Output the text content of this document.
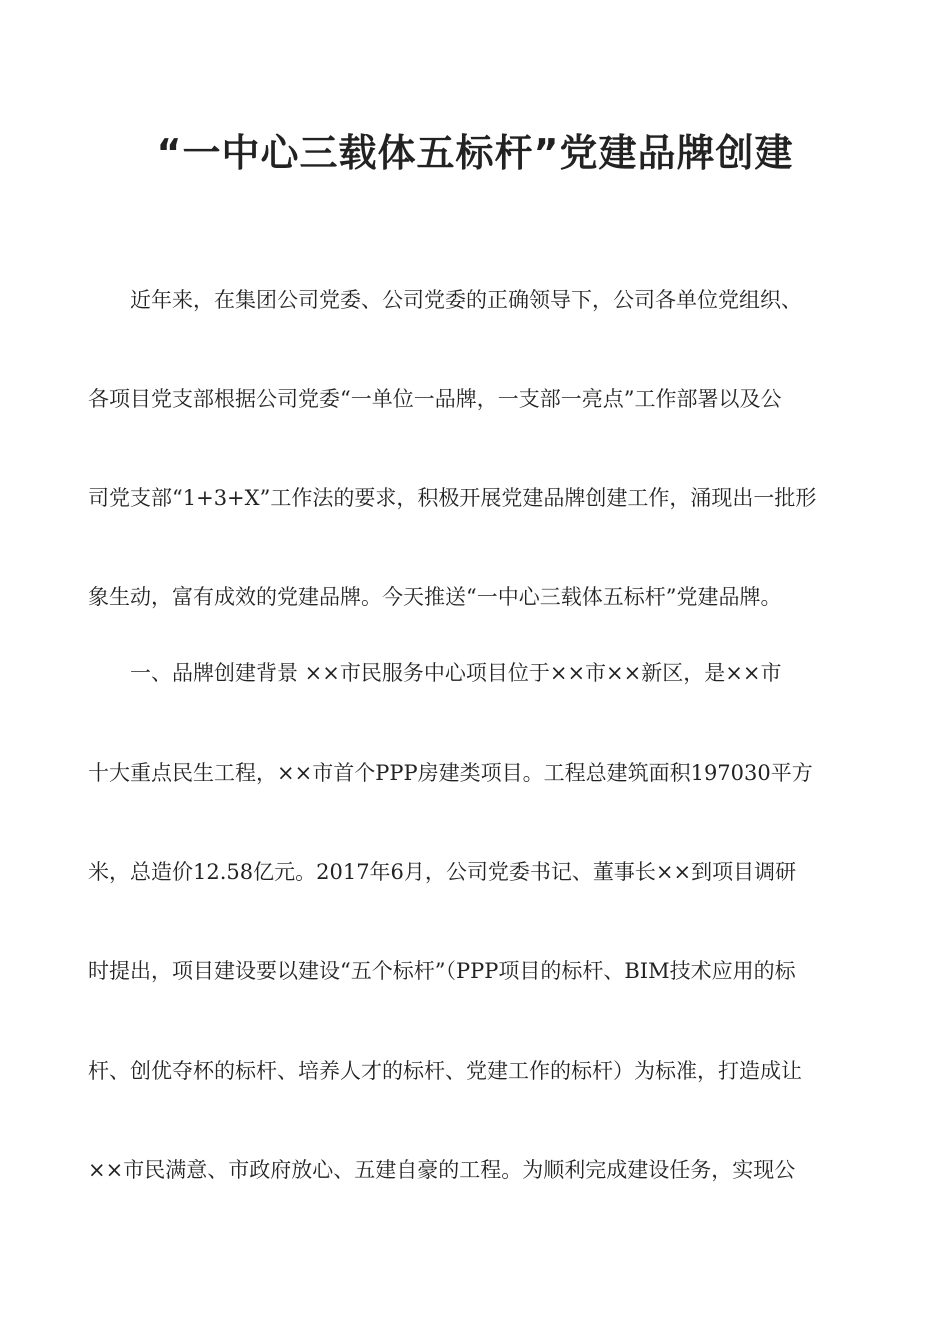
“一中心三载体五标杆”党建品牌创建
近年来，在集团公司党委、公司党委的正确领导下，公司各单位党组织、
各项目党支部根据公司党委“一单位一品牌，一支部一亮点”工作部署以及公
司党支部“1+3+X”工作法的要求，积极开展党建品牌创建工作，涌现出一批形
象生动，富有成效的党建品牌。今天推送“一中心三载体五标杆”党建品牌。
一、品牌创建背景 ××市民服务中心项目位于××市××新区，是××市
十大重点民生工程，××市首个PPP房建类项目。工程总建筑面积197030平方
米，总造价12.58亿元。2017年6月，公司党委书记、董事长××到项目调研
时提出，项目建设要以建设“五个标杆”（PPP项目的标杆、BIM技术应用的标
杆、创优夺杯的标杆、培养人才的标杆、党建工作的标杆）为标准，打造成让
××市民满意、市政府放心、五建自豪的工程。为顺利完成建设任务，实现公
